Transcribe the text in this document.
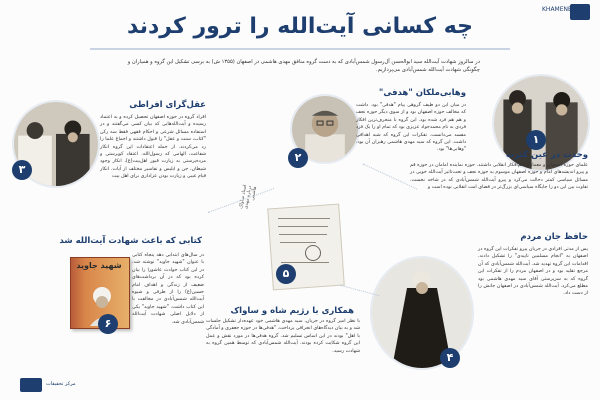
KHAMENEI.IR
چه کسانی آیت‌الله را ترور کردند
در سالروز شهادت آیت‌الله سید ابوالحسن آل‌رسول شمس‌آبادی که به دست گروه منافق مهدی هاشمی در اصفهان (۱۳۵۵ ش) به برسی تشکیل این گروه و همیاران و چگونگی شهادت آیت‌الله شمس‌آبادی می‌پردازیم.
۱
وحدت در عین کثرت
علمای حوزه اصفهان و معماران هم‌افکار انقلابی داشتند. حوزه نماینده امامان در حوزه قم و پیرو اندیشه‌های امام و حوزه اصفهان موسوم به حوزه نجف و تحت‌تاثیر آیت‌الله خویی در مسائل سیاسی کمتر دخالت می‌کرد و پیرو آیت‌الله شمس‌آبادی که در شاخه نخست. تفاوت بین این دو را جایگاه سیاسی‌ای بزرگ‌تر در فضای امت انقلابی بوده است و
۲
وهابی‌ملکان "هدفی"
در میان این دو طیف گروهی پیام "هدفی" بود. داشت که مخالف حوزه اصفهان بود و از سوی دیگر حوزه نجف و هم هم فرد شده بود. این گروه با منحرف‌ترین افکار فردی به نام محمدجواد عزیزی بود که تمام او را یک فرد مفسد می‌دانست. تفکرات این گروه که شبه اهدافی داشت. این گروه که سید مهدی هاشمی رهبران آن بود. "وهابی‌ها" بود.
۳
عقل‌گرای افراطی
افراد گروه در حوزه اصفهان تحصیل کرده و به اعتماد رسیده و آیت‌الله‌هایی که بیان کسی می‌گفتند و در استفاده مسائل شرعی و احکام فقهی فقط سه رکن "کتاب، سنت و عقل" را قبول داشتند و اجماع علما را رد می‌کردند. از جمله اعتقادات این گروه انکار شفاعت، الهامی که رسول‌الله. اعتقاد کوپرستی و مرده‌پرستی به زیارت قبور اهل‌بیت(ع)، انکار وجود شیطان، جن و ابلیس و تفاسیر مختلف از آیات. انکار قیام غیبی و زیارت بودن عزاداری برای اهل بیت
۴
حافظ جان مردم
پس از مدتی افرادی در جریان پیرو تفکرات این گروه در اصفهان به "انجام مسلمین تاییدی" را تشکیل دادند. اقدامات این گروه تهدید شد. آیت‌الله شمس‌آبادی که آن مرجع تقلید بود و در اصفهان مردم را از تفکرات این گروه که به سرپرستی آقای سید مهدی هاشمی بود مطلع می‌کرد. آیت‌الله شمس‌آبادی در اصفهان جانش را از دست داد.
اسناد ساواک درباره مهدی هاشمی
۵
همکاری با رژیم شاه و ساواک
با نظر امیر گروه در جریان، سید مهدی هاشمی خود عهده‌دار تشکیل جلسات شد و به بیان دیدگاه‌های انحرافی پرداخت. "هدفی‌ها در حوزه جعفری و آمادگی با اهل" بودند در این اساس تسلیم شد. گروه هدفی‌ها در مورد نقش و عمل این گروه شکایت کرده بودند. آیت‌الله شمس‌آبادی که توسط همین گروه به شهادت رسید.
شهید جاوید
۶
کتابی که باعث شهادت آیت‌الله شد
در سال‌های ابتدایی دهه پنجاه کتابی با عنوان "شهید جاوید" نوشته شد. در این کتاب حوادث عاشورا را بیان کرده بود که در آن برداشت‌های ضعیف از زندگی و اهداف امام حسین(ع) را از طرفی و شیوه آیت‌الله شمس‌آبادی در مخالفت با این کتاب داشت. "شهید جاوید" یکی از دلایل اصلی شهادت آیت‌الله شمس‌آبادی شد.
مرکز تحقیقات
